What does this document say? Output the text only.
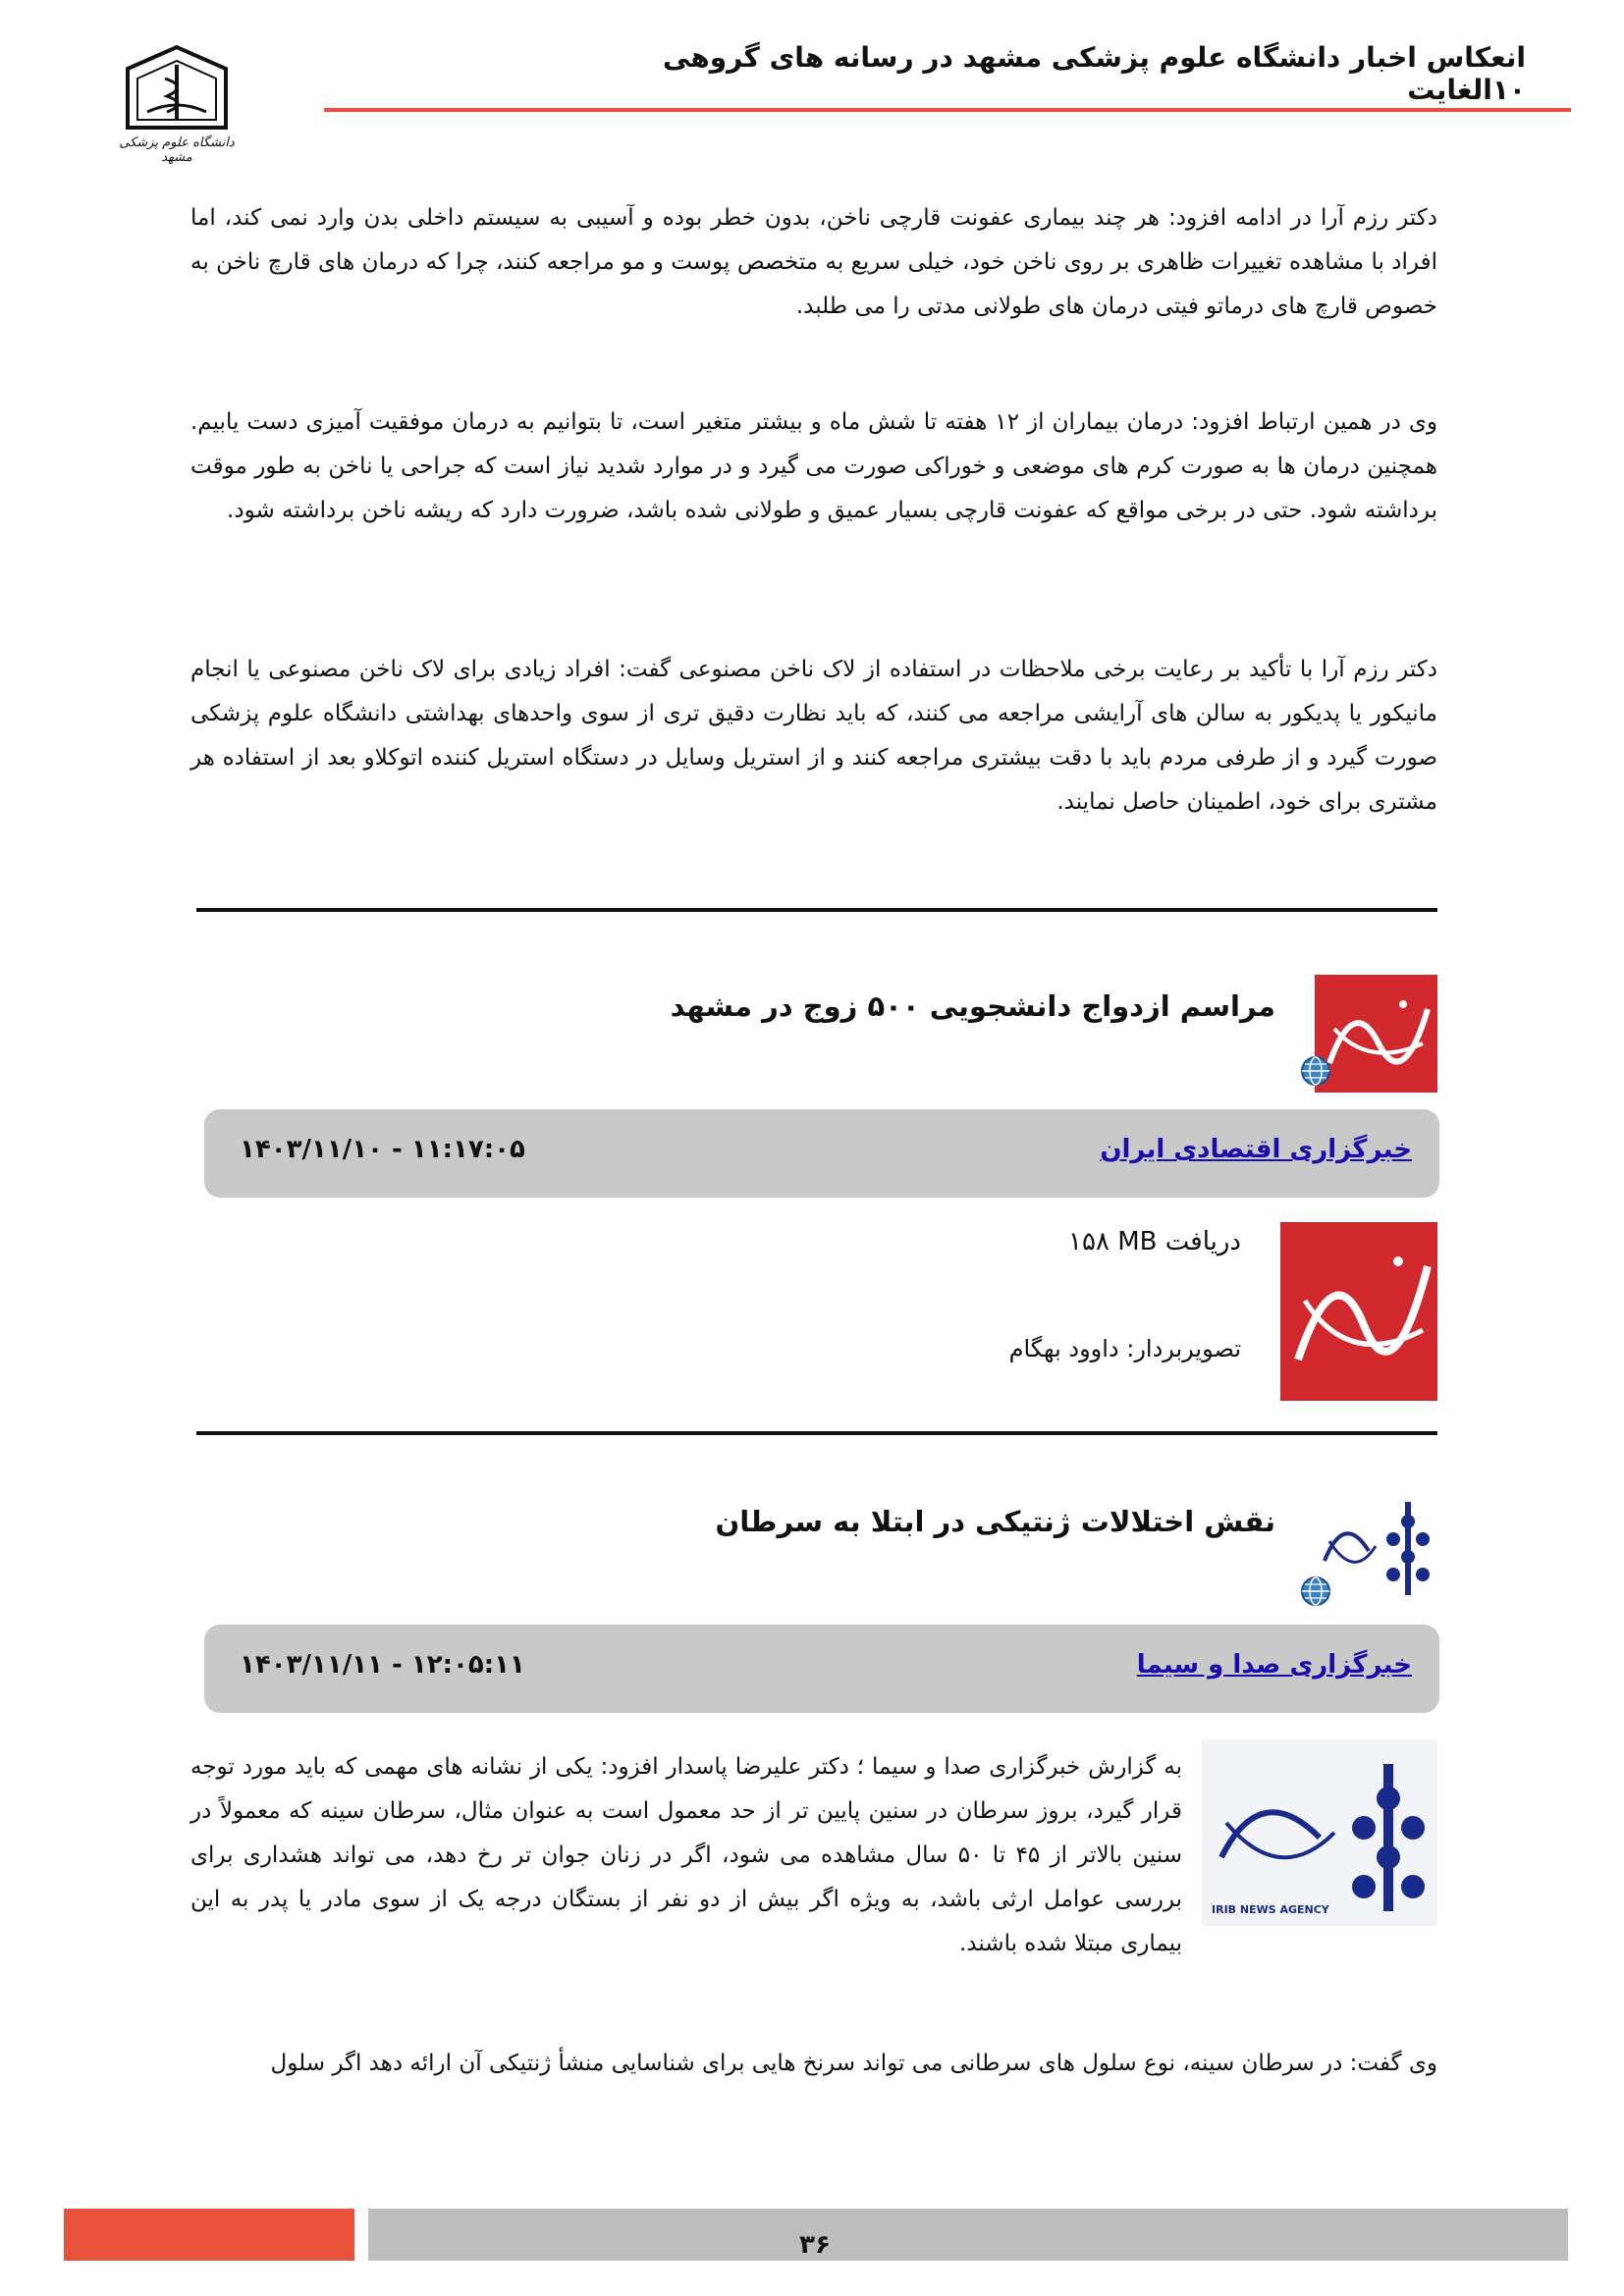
انعکاس اخبار دانشگاه علوم پزشکی مشهد در رسانه های گروهی ۱۰الغایت
دانشگاه علوم پزشکی مشهد

دکتر رزم آرا در ادامه افزود: هر چند بیماری عفونت قارچی ناخن، بدون خطر بوده و آسیبی به سیستم داخلی بدن وارد نمی کند، اما افراد با مشاهده تغییرات ظاهری بر روی ناخن خود، خیلی سریع به متخصص پوست و مو مراجعه کنند، چرا که درمان های قارچ ناخن به خصوص قارچ های درماتو فیتی درمان های طولانی مدتی را می طلبد.

وی در همین ارتباط افزود: درمان بیماران از ۱۲ هفته تا شش ماه و بیشتر متغیر است، تا بتوانیم به درمان موفقیت آمیزی دست یابیم. همچنین درمان ها به صورت کرم های موضعی و خوراکی صورت می گیرد و در موارد شدید نیاز است که جراحی یا ناخن به طور موقت برداشته شود. حتی در برخی مواقع که عفونت قارچی بسیار عمیق و طولانی شده باشد، ضرورت دارد که ریشه ناخن برداشته شود.

دکتر رزم آرا با تأکید بر رعایت برخی ملاحظات در استفاده از لاک ناخن مصنوعی گفت: افراد زیادی برای لاک ناخن مصنوعی یا انجام مانیکور یا پدیکور به سالن های آرایشی مراجعه می کنند، که باید نظارت دقیق تری از سوی واحدهای بهداشتی دانشگاه علوم پزشکی صورت گیرد و از طرفی مردم باید با دقت بیشتری مراجعه کنند و از استریل وسایل در دستگاه استریل کننده اتوکلاو بعد از استفاده هر مشتری برای خود، اطمینان حاصل نمایند.

مراسم ازدواج دانشجویی ۵۰۰ زوج در مشهد
خبرگزاری اقتصادی ایران
۱۴۰۳/۱۱/۱۰ - ۱۱:۱۷:۰۵
دریافت ۱۵۸ MB
تصویربردار: داوود بهگام
نقش اختلالات ژنتیکی در ابتلا به سرطان
خبرگزاری صدا و سیما
۱۴۰۳/۱۱/۱۱ - ۱۲:۰۵:۱۱
IRIB NEWS AGENCY

به گزارش خبرگزاری صدا و سیما ؛ دکتر علیرضا پاسدار افزود: یکی از نشانه های مهمی که باید مورد توجه قرار گیرد، بروز سرطان در سنین پایین تر از حد معمول است به عنوان مثال، سرطان سینه که معمولاً در سنین بالاتر از ۴۵ تا ۵۰ سال مشاهده می شود، اگر در زنان جوان تر رخ دهد، می تواند هشداری برای بررسی عوامل ارثی باشد، به ویژه اگر بیش از دو نفر از بستگان درجه یک از سوی مادر یا پدر به این بیماری مبتلا شده باشند.

وی گفت: در سرطان سینه، نوع سلول های سرطانی می تواند سرنخ هایی برای شناسایی منشأ ژنتیکی آن ارائه دهد اگر سلول

۳۶
